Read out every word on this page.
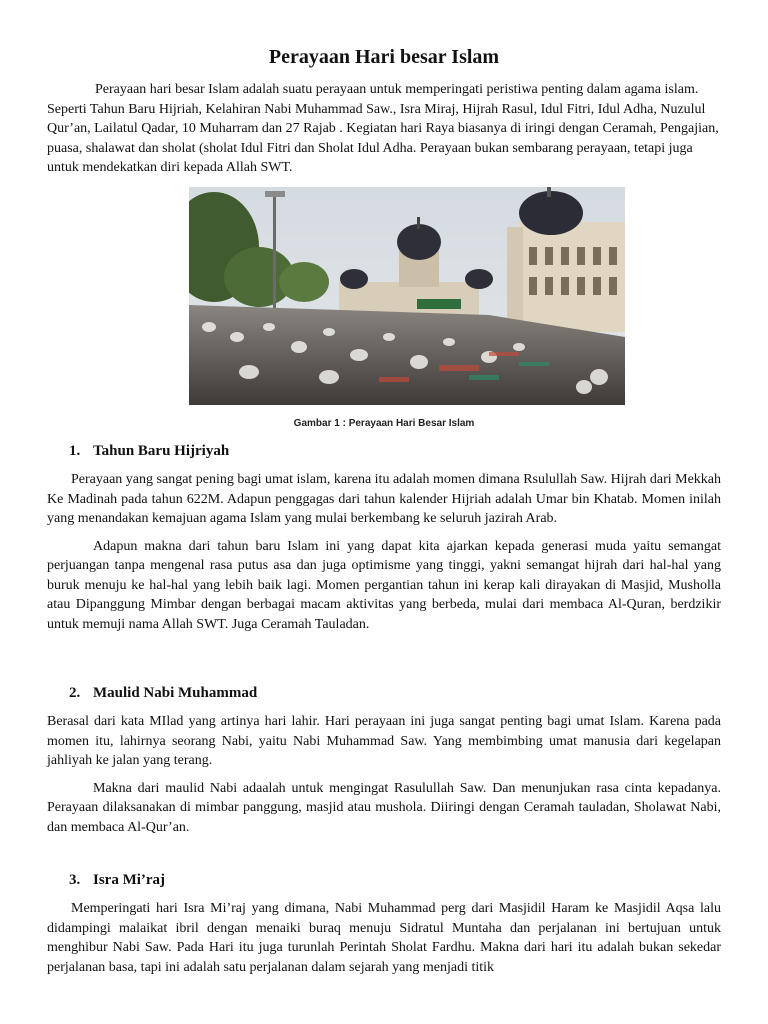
Perayaan Hari besar Islam

Perayaan hari besar Islam adalah suatu perayaan untuk memperingati peristiwa penting dalam agama islam. Seperti Tahun Baru Hijriah, Kelahiran Nabi Muhammad Saw., Isra Miraj, Hijrah Rasul, Idul Fitri, Idul Adha, Nuzulul Qur’an, Lailatul Qadar, 10 Muharram dan 27 Rajab . Kegiatan hari Raya biasanya di iringi dengan Ceramah, Pengajian, puasa, shalawat dan sholat (sholat Idul Fitri dan Sholat Idul Adha. Perayaan bukan sembarang perayaan, tetapi juga untuk mendekatkan diri kepada Allah SWT.

Gambar 1 : Perayaan Hari Besar Islam
1. Tahun Baru Hijriyah

Perayaan yang sangat pening bagi umat islam, karena itu adalah momen dimana Rsulullah Saw. Hijrah dari Mekkah Ke Madinah pada tahun 622M. Adapun penggagas dari tahun kalender Hijriah adalah Umar bin Khatab. Momen inilah yang menandakan kemajuan agama Islam yang mulai berkembang ke seluruh jazirah Arab.

Adapun makna dari tahun baru Islam ini yang dapat kita ajarkan kepada generasi muda yaitu semangat perjuangan tanpa mengenal rasa putus asa dan juga optimisme yang tinggi, yakni semangat hijrah dari hal-hal yang buruk menuju ke hal-hal yang lebih baik lagi. Momen pergantian tahun ini kerap kali dirayakan di Masjid, Musholla atau Dipanggung Mimbar dengan berbagai macam aktivitas yang berbeda, mulai dari membaca Al-Quran, berdzikir untuk memuji nama Allah SWT. Juga Ceramah Tauladan.

2. Maulid Nabi Muhammad

Berasal dari kata MIlad yang artinya hari lahir. Hari perayaan ini juga sangat penting bagi umat Islam. Karena pada momen itu, lahirnya seorang Nabi, yaitu Nabi Muhammad Saw. Yang membimbing umat manusia dari kegelapan jahliyah ke jalan yang terang.

Makna dari maulid Nabi adaalah untuk mengingat Rasulullah Saw. Dan menunjukan rasa cinta kepadanya. Perayaan dilaksanakan di mimbar panggung, masjid atau mushola. Diiringi dengan Ceramah tauladan, Sholawat Nabi, dan membaca Al-Qur’an.

3. Isra Mi’raj

Memperingati hari Isra Mi’raj yang dimana, Nabi Muhammad perg dari Masjidil Haram ke Masjidil Aqsa lalu didampingi malaikat ibril dengan menaiki buraq menuju Sidratul Muntaha dan perjalanan ini bertujuan untuk menghibur Nabi Saw. Pada Hari itu juga turunlah Perintah Sholat Fardhu. Makna dari hari itu adalah bukan sekedar perjalanan basa, tapi ini adalah satu perjalanan dalam sejarah yang menjadi titik
